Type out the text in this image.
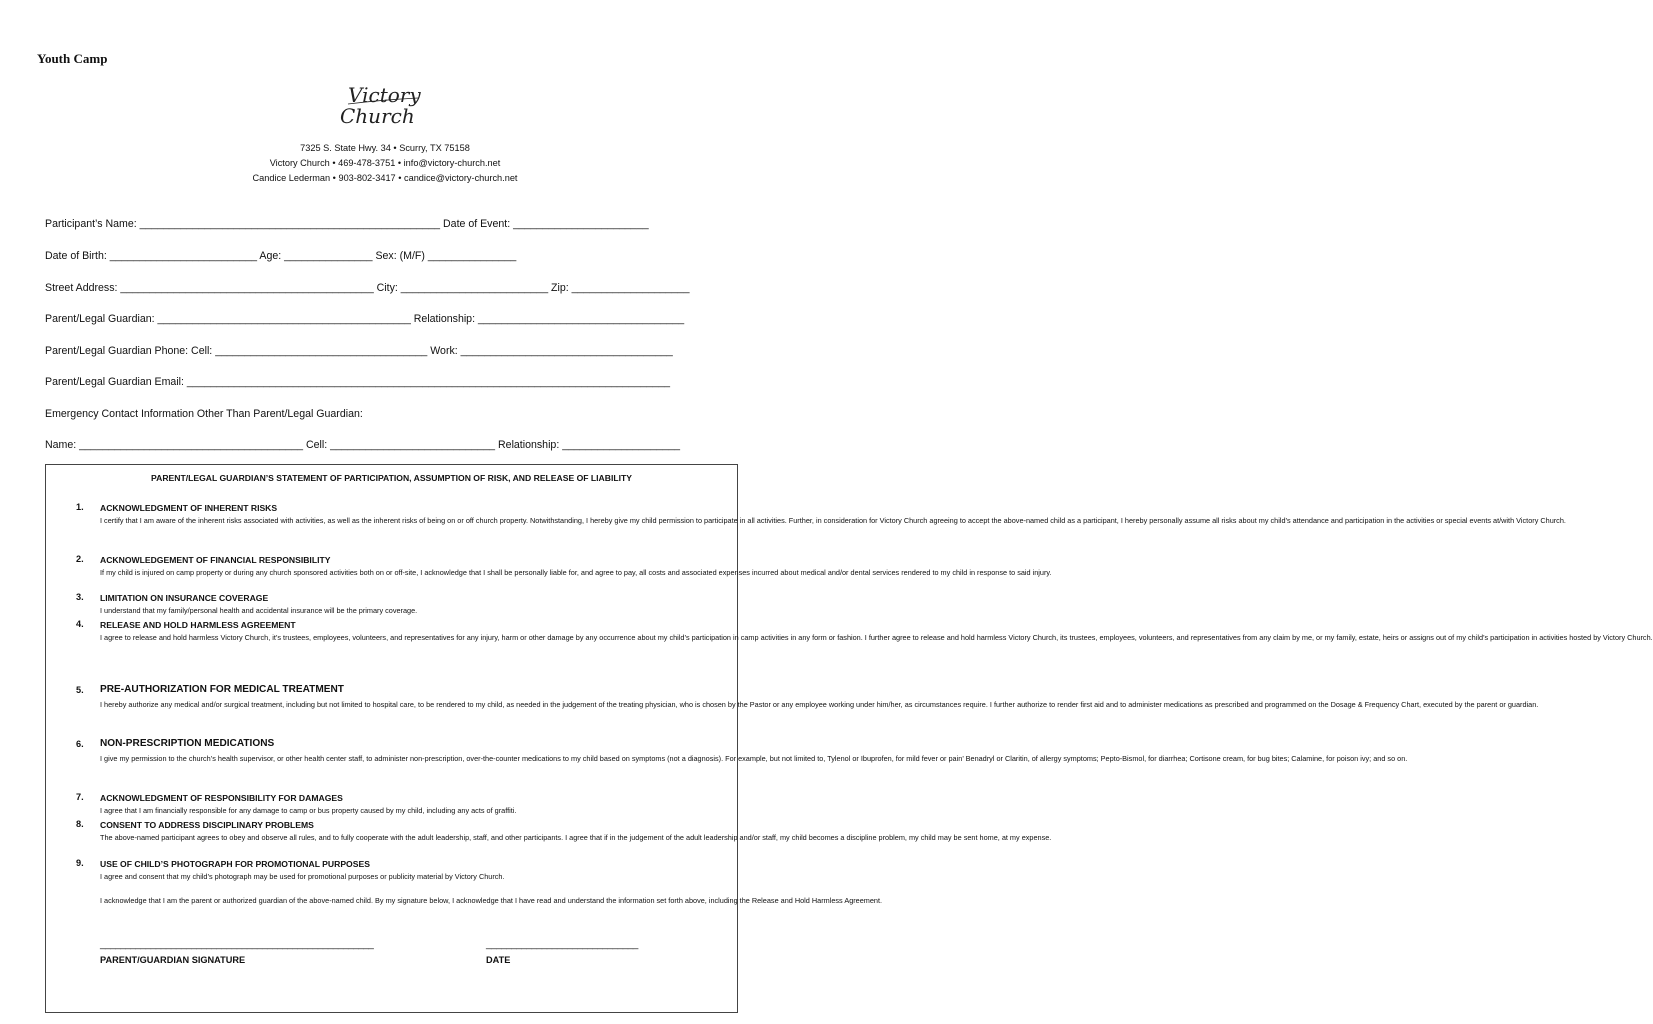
Youth Camp
Victory
Church
7325 S. State Hwy. 34 • Scurry, TX 75158
Victory Church • 469-478-3751 • info@victory-church.net
Candice Lederman • 903-802-3417 • candice@victory-church.net
Participant’s Name: ___________________________________________________ Date of Event: _______________________
Date of Birth: _________________________ Age: _______________ Sex: (M/F) _______________
Street Address: ___________________________________________ City: _________________________ Zip: ____________________
Parent/Legal Guardian: ___________________________________________ Relationship: ___________________________________
Parent/Legal Guardian Phone: Cell: ____________________________________ Work: ____________________________________
Parent/Legal Guardian Email: __________________________________________________________________________________
Emergency Contact Information Other Than Parent/Legal Guardian:
Name: ______________________________________ Cell: ____________________________ Relationship: ____________________
PARENT/LEGAL GUARDIAN’S STATEMENT OF PARTICIPATION, ASSUMPTION OF RISK, AND RELEASE OF LIABILITY
1. ACKNOWLEDGMENT OF INHERENT RISKS
I certify that I am aware of the inherent risks associated with activities, as well as the inherent risks of being on or off church property. Notwithstanding, I hereby give my child permission to participate in all activities. Further, in consideration for Victory Church agreeing to accept the above-named child as a participant, I hereby personally assume all risks about my child’s attendance and participation in the activities or special events at/with Victory Church.
2. ACKNOWLEDGEMENT OF FINANCIAL RESPONSIBILITY
If my child is injured on camp property or during any church sponsored activities both on or off-site, I acknowledge that I shall be personally liable for, and agree to pay, all costs and associated expenses incurred about medical and/or dental services rendered to my child in response to said injury.
3. LIMITATION ON INSURANCE COVERAGE
I understand that my family/personal health and accidental insurance will be the primary coverage.
4. RELEASE AND HOLD HARMLESS AGREEMENT
I agree to release and hold harmless Victory Church, it’s trustees, employees, volunteers, and representatives for any injury, harm or other damage by any occurrence about my child’s participation in camp activities in any form or fashion. I further agree to release and hold harmless Victory Church, its trustees, employees, volunteers, and representatives from any claim by me, or my family, estate, heirs or assigns out of my child’s participation in activities hosted by Victory Church.
5. PRE-AUTHORIZATION FOR MEDICAL TREATMENT
I hereby authorize any medical and/or surgical treatment, including but not limited to hospital care, to be rendered to my child, as needed in the judgement of the treating physician, who is chosen by the Pastor or any employee working under him/her, as circumstances require. I further authorize to render first aid and to administer medications as prescribed and programmed on the Dosage & Frequency Chart, executed by the parent or guardian.
6. NON-PRESCRIPTION MEDICATIONS
I give my permission to the church’s health supervisor, or other health center staff, to administer non-prescription, over-the-counter medications to my child based on symptoms (not a diagnosis). For example, but not limited to, Tylenol or Ibuprofen, for mild fever or pain’ Benadryl or Claritin, of allergy symptoms; Pepto-Bismol, for diarrhea; Cortisone cream, for bug bites; Calamine, for poison ivy; and so on.
7. ACKNOWLEDGMENT OF RESPONSIBILITY FOR DAMAGES
I agree that I am financially responsible for any damage to camp or bus property caused by my child, including any acts of graffiti.
8. CONSENT TO ADDRESS DISCIPLINARY PROBLEMS
The above-named participant agrees to obey and observe all rules, and to fully cooperate with the adult leadership, staff, and other participants. I agree that if in the judgement of the adult leadership and/or staff, my child becomes a discipline problem, my child may be sent home, at my expense.
9. USE OF CHILD’S PHOTOGRAPH FOR PROMOTIONAL PURPOSES
I agree and consent that my child’s photograph may be used for promotional purposes or publicity material by Victory Church.
I acknowledge that I am the parent or authorized guardian of the above-named child. By my signature below, I acknowledge that I have read and understand the information set forth above, including the Release and Hold Harmless Agreement.
______________________________________________________
PARENT/GUARDIAN SIGNATURE
______________________________
DATE
